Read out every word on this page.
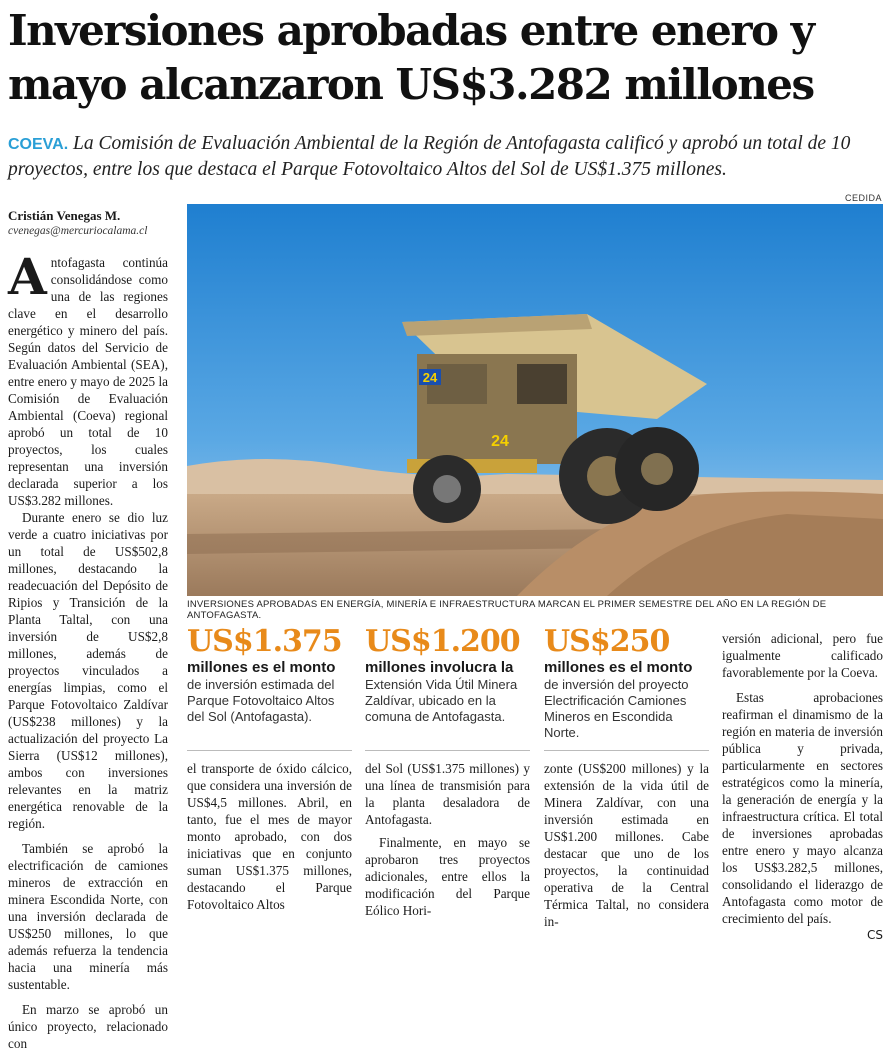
Inversiones aprobadas entre enero y mayo alcanzaron US$3.282 millones

COEVA. La Comisión de Evaluación Ambiental de la Región de Antofagasta calificó y aprobó un total de 10 proyectos, entre los que destaca el Parque Fotovoltaico Altos del Sol de US$1.375 millones.

CEDIDA
Cristián Venegas M.
cvenegas@mercuriocalama.cl

Antofagasta continúa consolidándose como una de las regiones clave en el desarrollo energético y minero del país. Según datos del Servicio de Evaluación Ambiental (SEA), entre enero y mayo de 2025 la Comisión de Evaluación Ambiental (Coeva) regional aprobó un total de 10 proyectos, los cuales representan una inversión declarada superior a los US$3.282 millones.

Durante enero se dio luz verde a cuatro iniciativas por un total de US$502,8 millones, destacando la readecuación del Depósito de Ripios y Transición de la Planta Taltal, con una inversión de US$2,8 millones, además de proyectos vinculados a energías limpias, como el Parque Fotovoltaico Zaldívar (US$238 millones) y la actualización del proyecto La Sierra (US$12 millones), ambos con inversiones relevantes en la matriz energética renovable de la región.

También se aprobó la electrificación de camiones mineros de extracción en minera Escondida Norte, con una inversión declarada de US$250 millones, lo que además refuerza la tendencia hacia una minería más sustentable.

En marzo se aprobó un único proyecto, relacionado con

24
24
INVERSIONES APROBADAS EN ENERGÍA, MINERÍA E INFRAESTRUCTURA MARCAN EL PRIMER SEMESTRE DEL AÑO EN LA REGIÓN DE ANTOFAGASTA.
US$1.375
millones es el monto
de inversión estimada del Parque Fotovoltaico Altos del Sol (Antofagasta).
US$1.200
millones involucra la
Extensión Vida Útil Minera Zaldívar, ubicado en la comuna de Antofagasta.
US$250
millones es el monto
de inversión del proyecto Electrificación Camiones Mineros en Escondida Norte.

el transporte de óxido cálcico, que considera una inversión de US$4,5 millones. Abril, en tanto, fue el mes de mayor monto aprobado, con dos iniciativas que en conjunto suman US$1.375 millones, destacando el Parque Fotovoltaico Altos

del Sol (US$1.375 millones) y una línea de transmisión para la planta desaladora de Antofagasta.

Finalmente, en mayo se aprobaron tres proyectos adicionales, entre ellos la modificación del Parque Eólico Hori-

zonte (US$200 millones) y la extensión de la vida útil de Minera Zaldívar, con una inversión estimada en US$1.200 millones. Cabe destacar que uno de los proyectos, la continuidad operativa de la Central Térmica Taltal, no considera in-

versión adicional, pero fue igualmente calificado favorablemente por la Coeva.

Estas aprobaciones reafirman el dinamismo de la región en materia de inversión pública y privada, particularmente en sectores estratégicos como la minería, la generación de energía y la infraestructura crítica. El total de inversiones aprobadas entre enero y mayo alcanza los US$3.282,5 millones, consolidando el liderazgo de Antofagasta como motor de crecimiento del país.

CS
